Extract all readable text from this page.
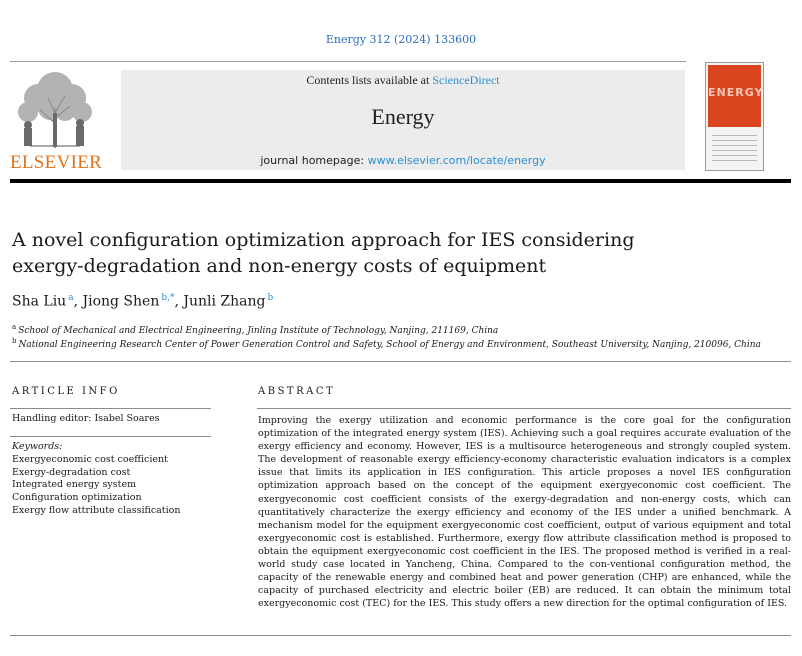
Energy 312 (2024) 133600
ELSEVIER
Contents lists available at ScienceDirect
Energy
journal homepage: www.elsevier.com/locate/energy
ENERGY
A novel configuration optimization approach for IES considering
exergy-degradation and non-energy costs of equipment
Sha Liu $^a$, Jiong Shen $^{b,*}$, Junli Zhang $^b$
$^a$ School of Mechanical and Electrical Engineering, Jinling Institute of Technology, Nanjing, 211169, China
$^b$ National Engineering Research Center of Power Generation Control and Safety, School of Energy and Environment, Southeast University, Nanjing, 210096, China
ARTICLE INFO	ABSTRACT
Handling editor: Isabel Soares
Keywords:
Exergyeconomic cost coefficient
Exergy-degradation cost
Integrated energy system
Configuration optimization
Exergy flow attribute classification
Improving the exergy utilization and economic performance is the core goal for the configuration optimization of the integrated energy system (IES). Achieving such a goal requires accurate evaluation of the exergy efficiency and economy. However, IES is a multisource heterogeneous and strongly coupled system. The development of reasonable exergy efficiency-economy characteristic evaluation indicators is a complex issue that limits its application in IES configuration. This article proposes a novel IES configuration optimization approach based on the concept of the equipment exergyeconomic cost coefficient. The exergyeconomic cost coefficient consists of the exergy-degradation and non-energy costs, which can quantitatively characterize the exergy efficiency and economy of the IES under a unified benchmark. A mechanism model for the equipment exergyeconomic cost coefficient, output of various equipment and total exergyeconomic cost is established. Furthermore, exergy flow attribute classification method is proposed to obtain the equipment exergyeconomic cost coefficient in the IES. The proposed method is verified in a real-world study case located in Yancheng, China. Compared to the con-ventional configuration method, the capacity of the renewable energy and combined heat and power generation (CHP) are enhanced, while the capacity of purchased electricity and electric boiler (EB) are reduced. It can obtain the minimum total exergyeconomic cost (TEC) for the IES. This study offers a new direction for the optimal configuration of IES.
